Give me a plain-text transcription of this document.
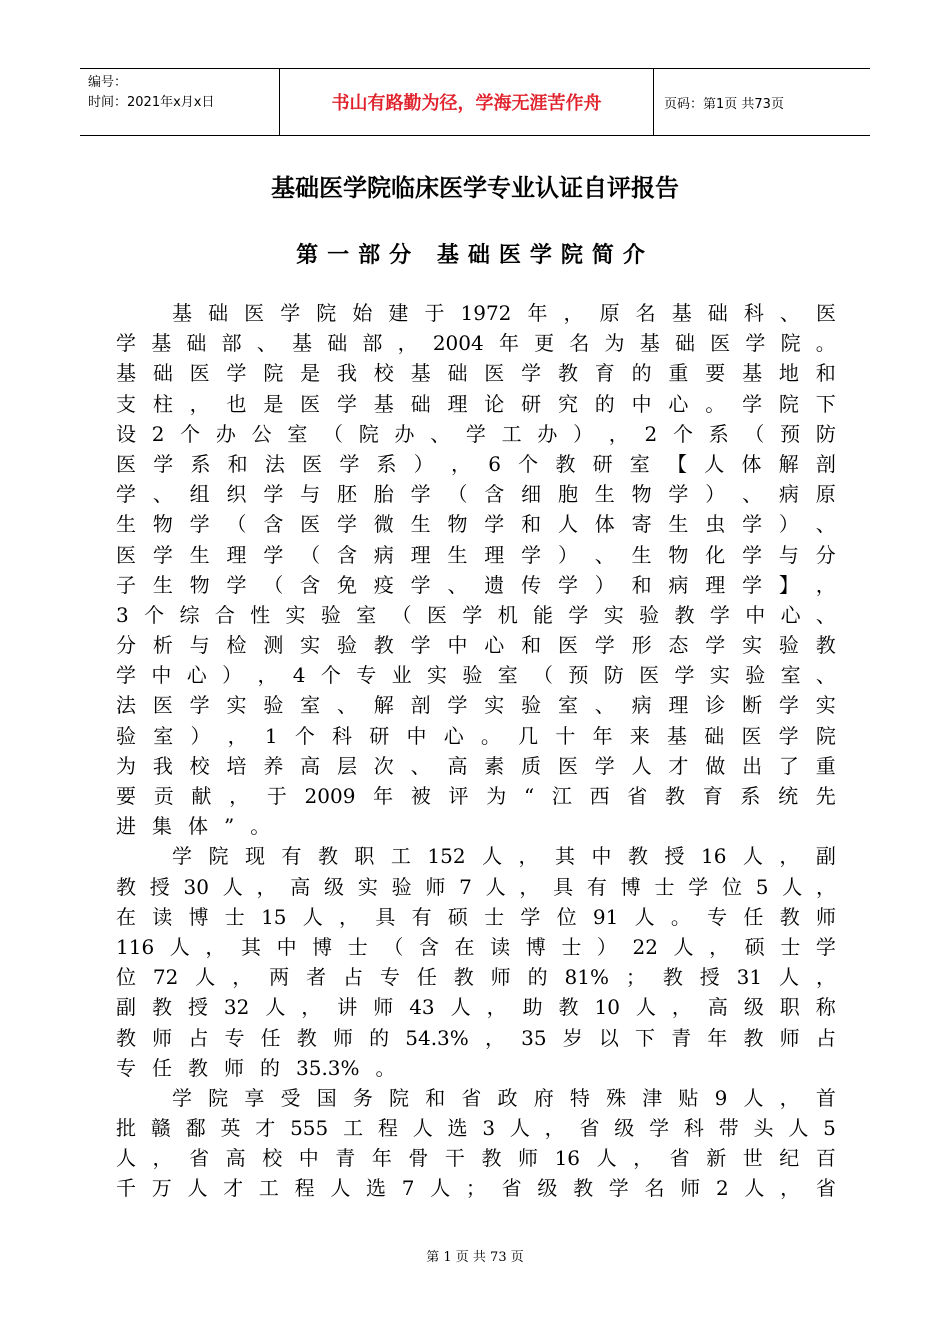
编号：
时间：2021年x月x日	书山有路勤为径，学海无涯苦作舟	页码：第1页 共73页
基础医学院临床医学专业认证自评报告
第一部分 基础医学院简介
基 础 医 学 院 始 建 于 1972 年 ， 原 名 基 础 科 、 医
学 基 础 部 、 基 础 部 ， 2004 年 更 名 为 基 础 医 学 院 。
基 础 医 学 院 是 我 校 基 础 医 学 教 育 的 重 要 基 地 和
支 柱 ， 也 是 医 学 基 础 理 论 研 究 的 中 心 。 学 院 下
设 2 个 办 公 室 （ 院 办 、 学 工 办 ） ， 2 个 系 （ 预 防
医 学 系 和 法 医 学 系 ） ， 6 个 教 研 室 【 人 体 解 剖
学 、 组 织 学 与 胚 胎 学 （ 含 细 胞 生 物 学 ） 、 病 原
生 物 学 （ 含 医 学 微 生 物 学 和 人 体 寄 生 虫 学 ） 、
医 学 生 理 学 （ 含 病 理 生 理 学 ） 、 生 物 化 学 与 分
子 生 物 学 （ 含 免 疫 学 、 遗 传 学 ） 和 病 理 学 】 ，
3 个 综 合 性 实 验 室 （ 医 学 机 能 学 实 验 教 学 中 心 、
分 析 与 检 测 实 验 教 学 中 心 和 医 学 形 态 学 实 验 教
学 中 心 ） ， 4 个 专 业 实 验 室 （ 预 防 医 学 实 验 室 、
法 医 学 实 验 室 、 解 剖 学 实 验 室 、 病 理 诊 断 学 实
验 室 ） ， 1 个 科 研 中 心 。 几 十 年 来 基 础 医 学 院
为 我 校 培 养 高 层 次 、 高 素 质 医 学 人 才 做 出 了 重
要 贡 献 ， 于 2009 年 被 评 为 “ 江 西 省 教 育 系 统 先
进 集 体 ” 。
学 院 现 有 教 职 工 152 人 ， 其 中 教 授 16 人 ， 副
教 授 30 人 ， 高 级 实 验 师 7 人 ， 具 有 博 士 学 位 5 人 ，
在 读 博 士 15 人 ， 具 有 硕 士 学 位 91 人 。 专 任 教 师
116 人 ， 其 中 博 士 （ 含 在 读 博 士 ） 22 人 ， 硕 士 学
位 72 人 ， 两 者 占 专 任 教 师 的 81% ； 教 授 31 人 ，
副 教 授 32 人 ， 讲 师 43 人 ， 助 教 10 人 ， 高 级 职 称
教 师 占 专 任 教 师 的 54.3% ， 35 岁 以 下 青 年 教 师 占
专 任 教 师 的 35.3% 。
学 院 享 受 国 务 院 和 省 政 府 特 殊 津 贴 9 人 ， 首
批 赣 鄱 英 才 555 工 程 人 选 3 人 ， 省 级 学 科 带 头 人 5
人 ， 省 高 校 中 青 年 骨 干 教 师 16 人 ， 省 新 世 纪 百
千 万 人 才 工 程 人 选 7 人 ； 省 级 教 学 名 师 2 人 ， 省
第 1 页 共 73 页
